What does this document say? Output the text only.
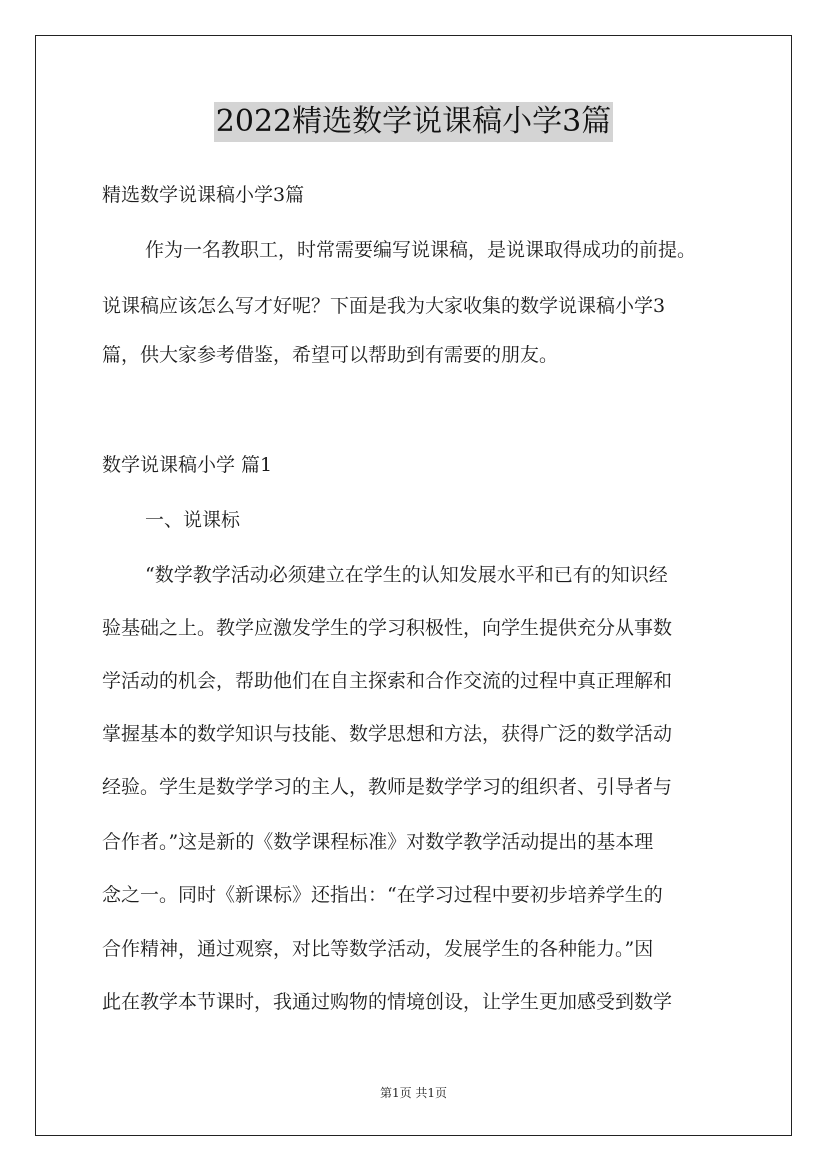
2022精选数学说课稿小学3篇
精选数学说课稿小学3篇
作为一名教职工，时常需要编写说课稿，是说课取得成功的前提。
说课稿应该怎么写才好呢？下面是我为大家收集的数学说课稿小学3
篇，供大家参考借鉴，希望可以帮助到有需要的朋友。
数学说课稿小学 篇1
一、说课标
“数学教学活动必须建立在学生的认知发展水平和已有的知识经
验基础之上。教学应激发学生的学习积极性，向学生提供充分从事数
学活动的机会，帮助他们在自主探索和合作交流的过程中真正理解和
掌握基本的数学知识与技能、数学思想和方法，获得广泛的数学活动
经验。学生是数学学习的主人，教师是数学学习的组织者、引导者与
合作者。”这是新的《数学课程标准》对数学教学活动提出的基本理
念之一。同时《新课标》还指出：“在学习过程中要初步培养学生的
合作精神，通过观察，对比等数学活动，发展学生的各种能力。”因
此在教学本节课时，我通过购物的情境创设，让学生更加感受到数学
第1页 共1页
